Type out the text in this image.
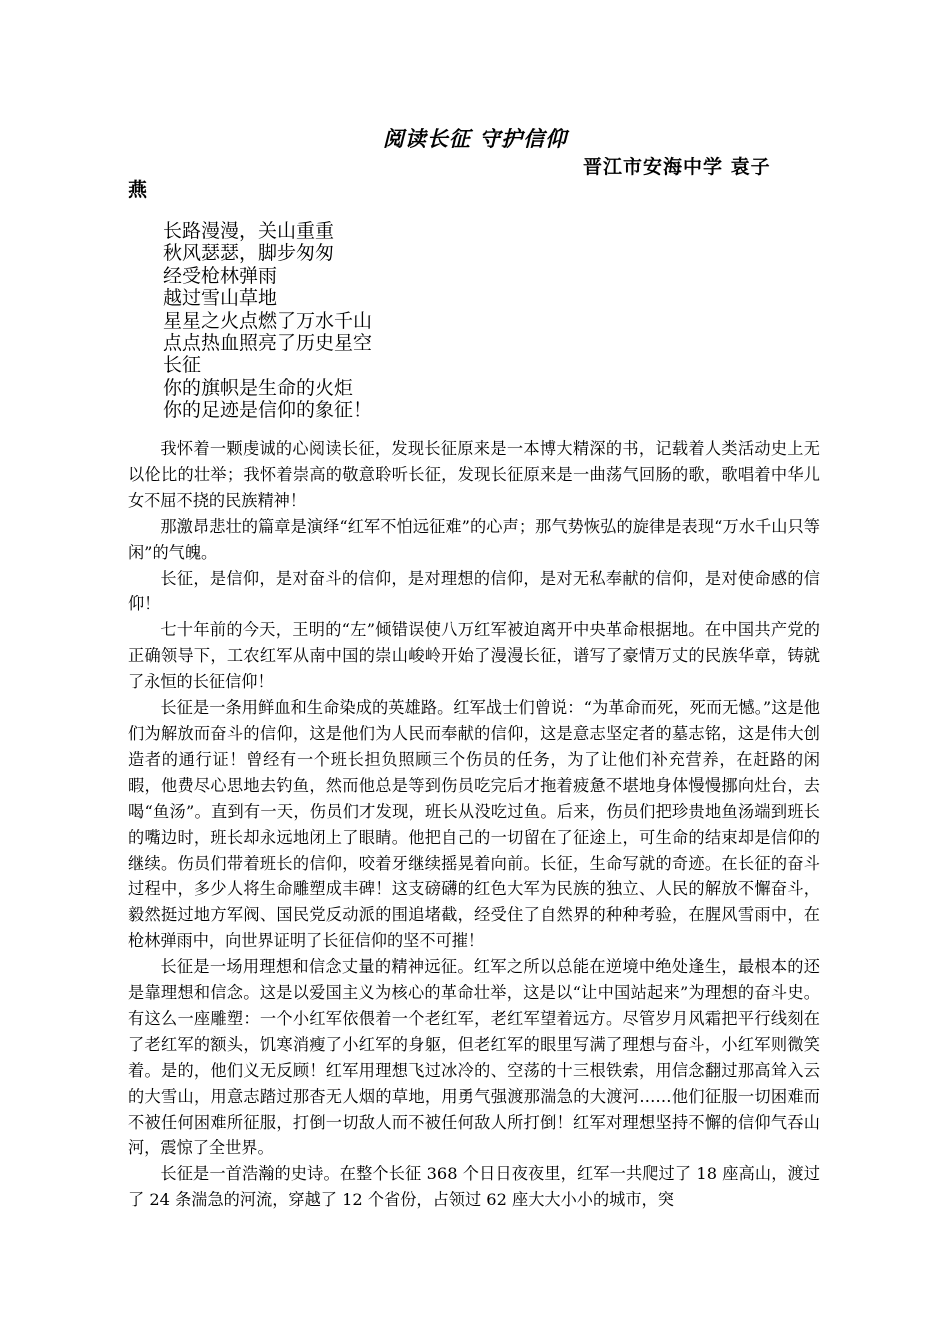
阅读长征 守护信仰
晋江市安海中学 袁子
燕
长路漫漫，关山重重
秋风瑟瑟，脚步匆匆
经受枪林弹雨
越过雪山草地
星星之火点燃了万水千山
点点热血照亮了历史星空
长征
你的旗帜是生命的火炬
你的足迹是信仰的象征！

我怀着一颗虔诚的心阅读长征，发现长征原来是一本博大精深的书，记载着人类活动史上无以伦比的壮举；我怀着崇高的敬意聆听长征，发现长征原来是一曲荡气回肠的歌，歌唱着中华儿女不屈不挠的民族精神！

那激昂悲壮的篇章是演绎“红军不怕远征难”的心声；那气势恢弘的旋律是表现“万水千山只等闲”的气魄。

长征，是信仰，是对奋斗的信仰，是对理想的信仰，是对无私奉献的信仰，是对使命感的信仰！

七十年前的今天，王明的“左”倾错误使八万红军被迫离开中央革命根据地。在中国共产党的正确领导下，工农红军从南中国的崇山峻岭开始了漫漫长征，谱写了豪情万丈的民族华章，铸就了永恒的长征信仰！

长征是一条用鲜血和生命染成的英雄路。红军战士们曾说：“为革命而死，死而无憾。”这是他们为解放而奋斗的信仰，这是他们为人民而奉献的信仰，这是意志坚定者的墓志铭，这是伟大创造者的通行证！曾经有一个班长担负照顾三个伤员的任务，为了让他们补充营养，在赶路的闲暇，他费尽心思地去钓鱼，然而他总是等到伤员吃完后才拖着疲惫不堪地身体慢慢挪向灶台，去喝“鱼汤”。直到有一天，伤员们才发现，班长从没吃过鱼。后来，伤员们把珍贵地鱼汤端到班长的嘴边时，班长却永远地闭上了眼睛。他把自己的一切留在了征途上，可生命的结束却是信仰的继续。伤员们带着班长的信仰，咬着牙继续摇晃着向前。长征，生命写就的奇迹。在长征的奋斗过程中，多少人将生命雕塑成丰碑！这支磅礴的红色大军为民族的独立、人民的解放不懈奋斗，毅然挺过地方军阀、国民党反动派的围追堵截，经受住了自然界的种种考验，在腥风雪雨中，在枪林弹雨中，向世界证明了长征信仰的坚不可摧！

长征是一场用理想和信念丈量的精神远征。红军之所以总能在逆境中绝处逢生，最根本的还是靠理想和信念。这是以爱国主义为核心的革命壮举，这是以“让中国站起来”为理想的奋斗史。有这么一座雕塑：一个小红军依偎着一个老红军，老红军望着远方。尽管岁月风霜把平行线刻在了老红军的额头，饥寒消瘦了小红军的身躯，但老红军的眼里写满了理想与奋斗，小红军则微笑着。是的，他们义无反顾！红军用理想飞过冰冷的、空荡的十三根铁索，用信念翻过那高耸入云的大雪山，用意志踏过那杳无人烟的草地，用勇气强渡那湍急的大渡河……他们征服一切困难而不被任何困难所征服，打倒一切敌人而不被任何敌人所打倒！红军对理想坚持不懈的信仰气吞山河，震惊了全世界。

长征是一首浩瀚的史诗。在整个长征 368 个日日夜夜里，红军一共爬过了 18 座高山，渡过了 24 条湍急的河流，穿越了 12 个省份，占领过 62 座大大小小的城市，突
